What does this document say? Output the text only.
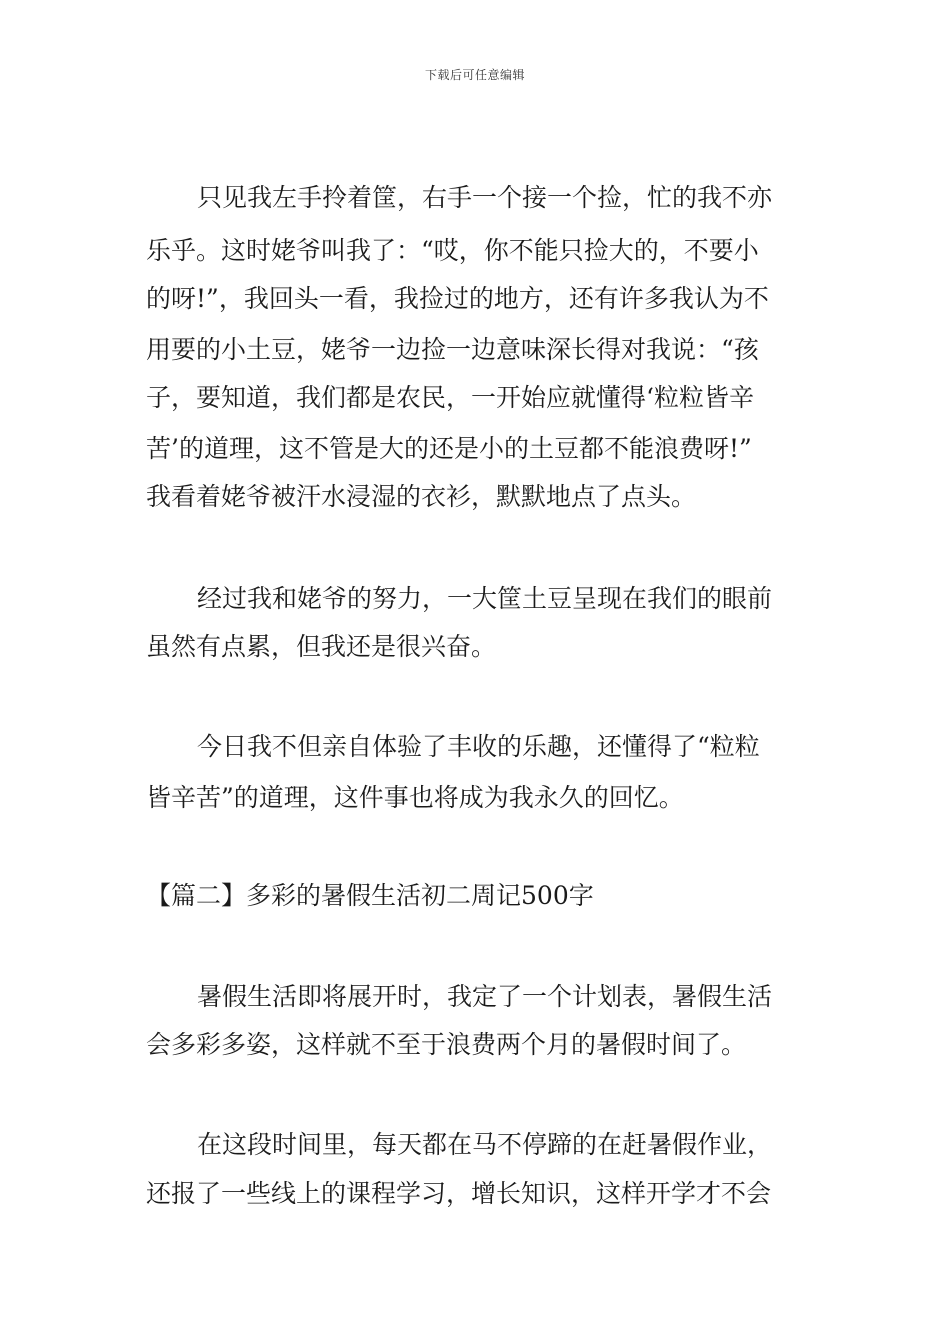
下载后可任意编辑
只见我左手拎着筐，右手一个接一个捡，忙的我不亦
乐乎。这时姥爷叫我了：“哎，你不能只捡大的，不要小
的呀!”，我回头一看，我捡过的地方，还有许多我认为不
用要的小土豆，姥爷一边捡一边意味深长得对我说：“孩
子，要知道，我们都是农民，一开始应就懂得‘粒粒皆辛
苦’的道理，这不管是大的还是小的土豆都不能浪费呀!”
我看着姥爷被汗水浸湿的衣衫，默默地点了点头。
经过我和姥爷的努力，一大筐土豆呈现在我们的眼前
虽然有点累，但我还是很兴奋。
今日我不但亲自体验了丰收的乐趣，还懂得了“粒粒
皆辛苦”的道理，这件事也将成为我永久的回忆。
【篇二】多彩的暑假生活初二周记500字
暑假生活即将展开时，我定了一个计划表，暑假生活
会多彩多姿，这样就不至于浪费两个月的暑假时间了。
在这段时间里，每天都在马不停蹄的在赶暑假作业，
还报了一些线上的课程学习，增长知识，这样开学才不会
